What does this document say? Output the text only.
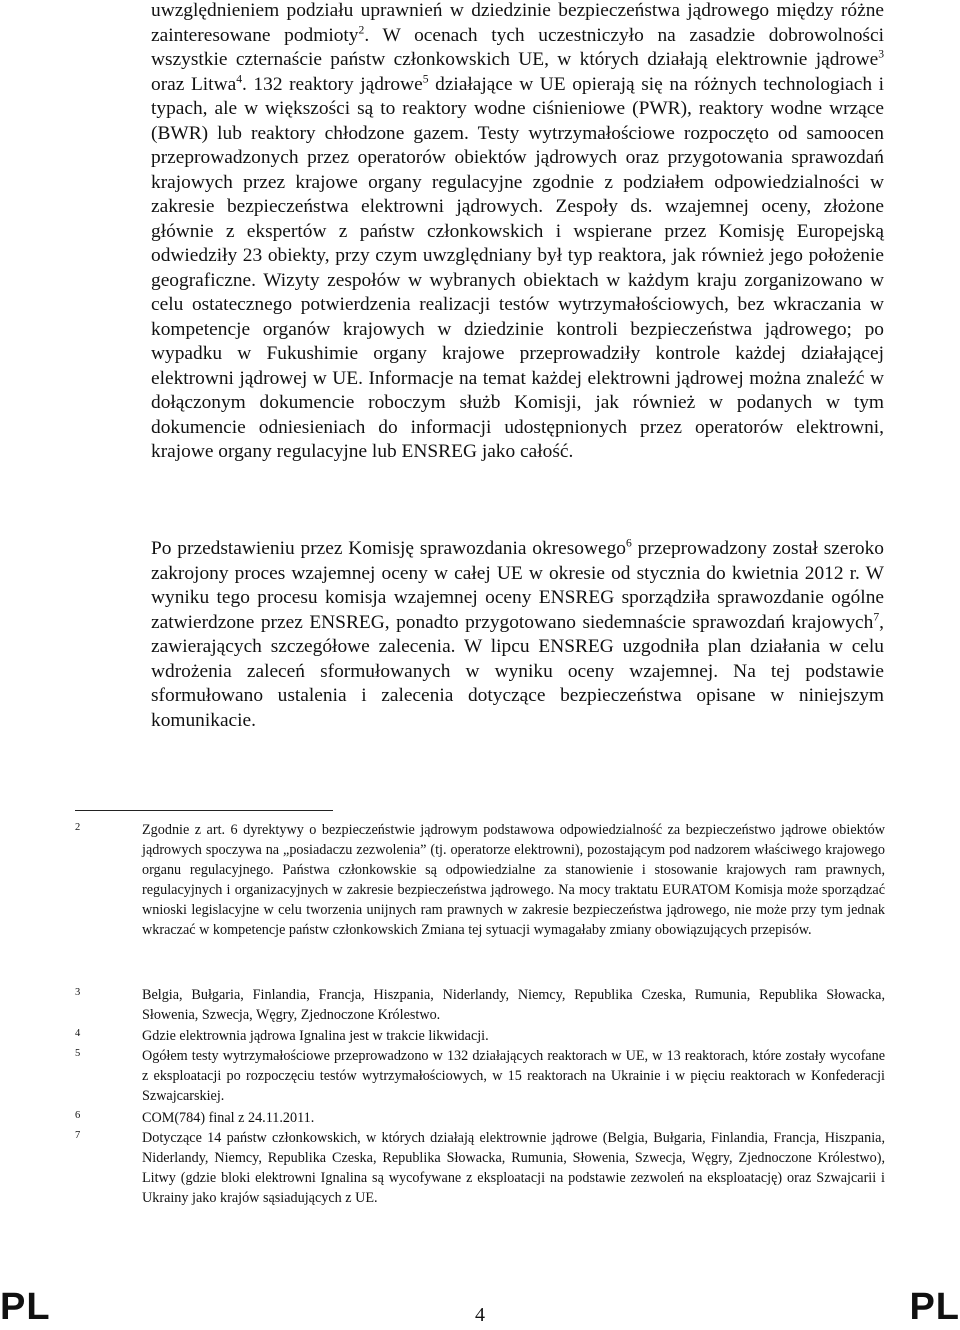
uwzględnieniem podziału uprawnień w dziedzinie bezpieczeństwa jądrowego między różne zainteresowane podmioty$^2$. W ocenach tych uczestniczyło na zasadzie dobrowolności wszystkie czternaście państw członkowskich UE, w których działają elektrownie jądrowe$^3$ oraz Litwa$^4$. 132 reaktory jądrowe$^5$ działające w UE opierają się na różnych technologiach i typach, ale w większości są to reaktory wodne ciśnieniowe (PWR), reaktory wodne wrzące (BWR) lub reaktory chłodzone gazem. Testy wytrzymałościowe rozpoczęto od samoocen przeprowadzonych przez operatorów obiektów jądrowych oraz przygotowania sprawozdań krajowych przez krajowe organy regulacyjne zgodnie z podziałem odpowiedzialności w zakresie bezpieczeństwa elektrowni jądrowych. Zespoły ds. wzajemnej oceny, złożone głównie z ekspertów z państw członkowskich i wspierane przez Komisję Europejską odwiedziły 23 obiekty, przy czym uwzględniany był typ reaktora, jak również jego położenie geograficzne. Wizyty zespołów w wybranych obiektach w każdym kraju zorganizowano w celu ostatecznego potwierdzenia realizacji testów wytrzymałościowych, bez wkraczania w kompetencje organów krajowych w dziedzinie kontroli bezpieczeństwa jądrowego; po wypadku w Fukushimie organy krajowe przeprowadziły kontrole każdej działającej elektrowni jądrowej w UE. Informacje na temat każdej elektrowni jądrowej można znaleźć w dołączonym dokumencie roboczym służb Komisji, jak również w podanych w tym dokumencie odniesieniach do informacji udostępnionych przez operatorów elektrowni, krajowe organy regulacyjne lub ENSREG jako całość.

Po przedstawieniu przez Komisję sprawozdania okresowego$^6$ przeprowadzony został szeroko zakrojony proces wzajemnej oceny w całej UE w okresie od stycznia do kwietnia 2012 r. W wyniku tego procesu komisja wzajemnej oceny ENSREG sporządziła sprawozdanie ogólne zatwierdzone przez ENSREG, ponadto przygotowano siedemnaście sprawozdań krajowych$^7$, zawierających szczegółowe zalecenia. W lipcu ENSREG uzgodniła plan działania w celu wdrożenia zaleceń sformułowanych w wyniku oceny wzajemnej. Na tej podstawie sformułowano ustalenia i zalecenia dotyczące bezpieczeństwa opisane w niniejszym komunikacie.

2	Zgodnie z art. 6 dyrektywy o bezpieczeństwie jądrowym podstawowa odpowiedzialność za bezpieczeństwo jądrowe obiektów jądrowych spoczywa na „posiadaczu zezwolenia” (tj. operatorze elektrowni), pozostającym pod nadzorem właściwego krajowego organu regulacyjnego. Państwa członkowskie są odpowiedzialne za stanowienie i stosowanie krajowych ram prawnych, regulacyjnych i organizacyjnych w zakresie bezpieczeństwa jądrowego. Na mocy traktatu EURATOM Komisja może sporządzać wnioski legislacyjne w celu tworzenia unijnych ram prawnych w zakresie bezpieczeństwa jądrowego, nie może przy tym jednak wkraczać w kompetencje państw członkowskich Zmiana tej sytuacji wymagałaby zmiany obowiązujących przepisów.
3	Belgia, Bułgaria, Finlandia, Francja, Hiszpania, Niderlandy, Niemcy, Republika Czeska, Rumunia, Republika Słowacka, Słowenia, Szwecja, Węgry, Zjednoczone Królestwo.
4	Gdzie elektrownia jądrowa Ignalina jest w trakcie likwidacji.
5	Ogółem testy wytrzymałościowe przeprowadzono w 132 działających reaktorach w UE, w 13 reaktorach, które zostały wycofane z eksploatacji po rozpoczęciu testów wytrzymałościowych, w 15 reaktorach na Ukrainie i w pięciu reaktorach w Konfederacji Szwajcarskiej.
6	COM(784) final z 24.11.2011.
7	Dotyczące 14 państw członkowskich, w których działają elektrownie jądrowe (Belgia, Bułgaria, Finlandia, Francja, Hiszpania, Niderlandy, Niemcy, Republika Czeska, Republika Słowacka, Rumunia, Słowenia, Szwecja, Węgry, Zjednoczone Królestwo), Litwy (gdzie bloki elektrowni Ignalina są wycofywane z eksploatacji na podstawie zezwoleń na eksploatację) oraz Szwajcarii i Ukrainy jako krajów sąsiadujących z UE.
PL	4	PL
